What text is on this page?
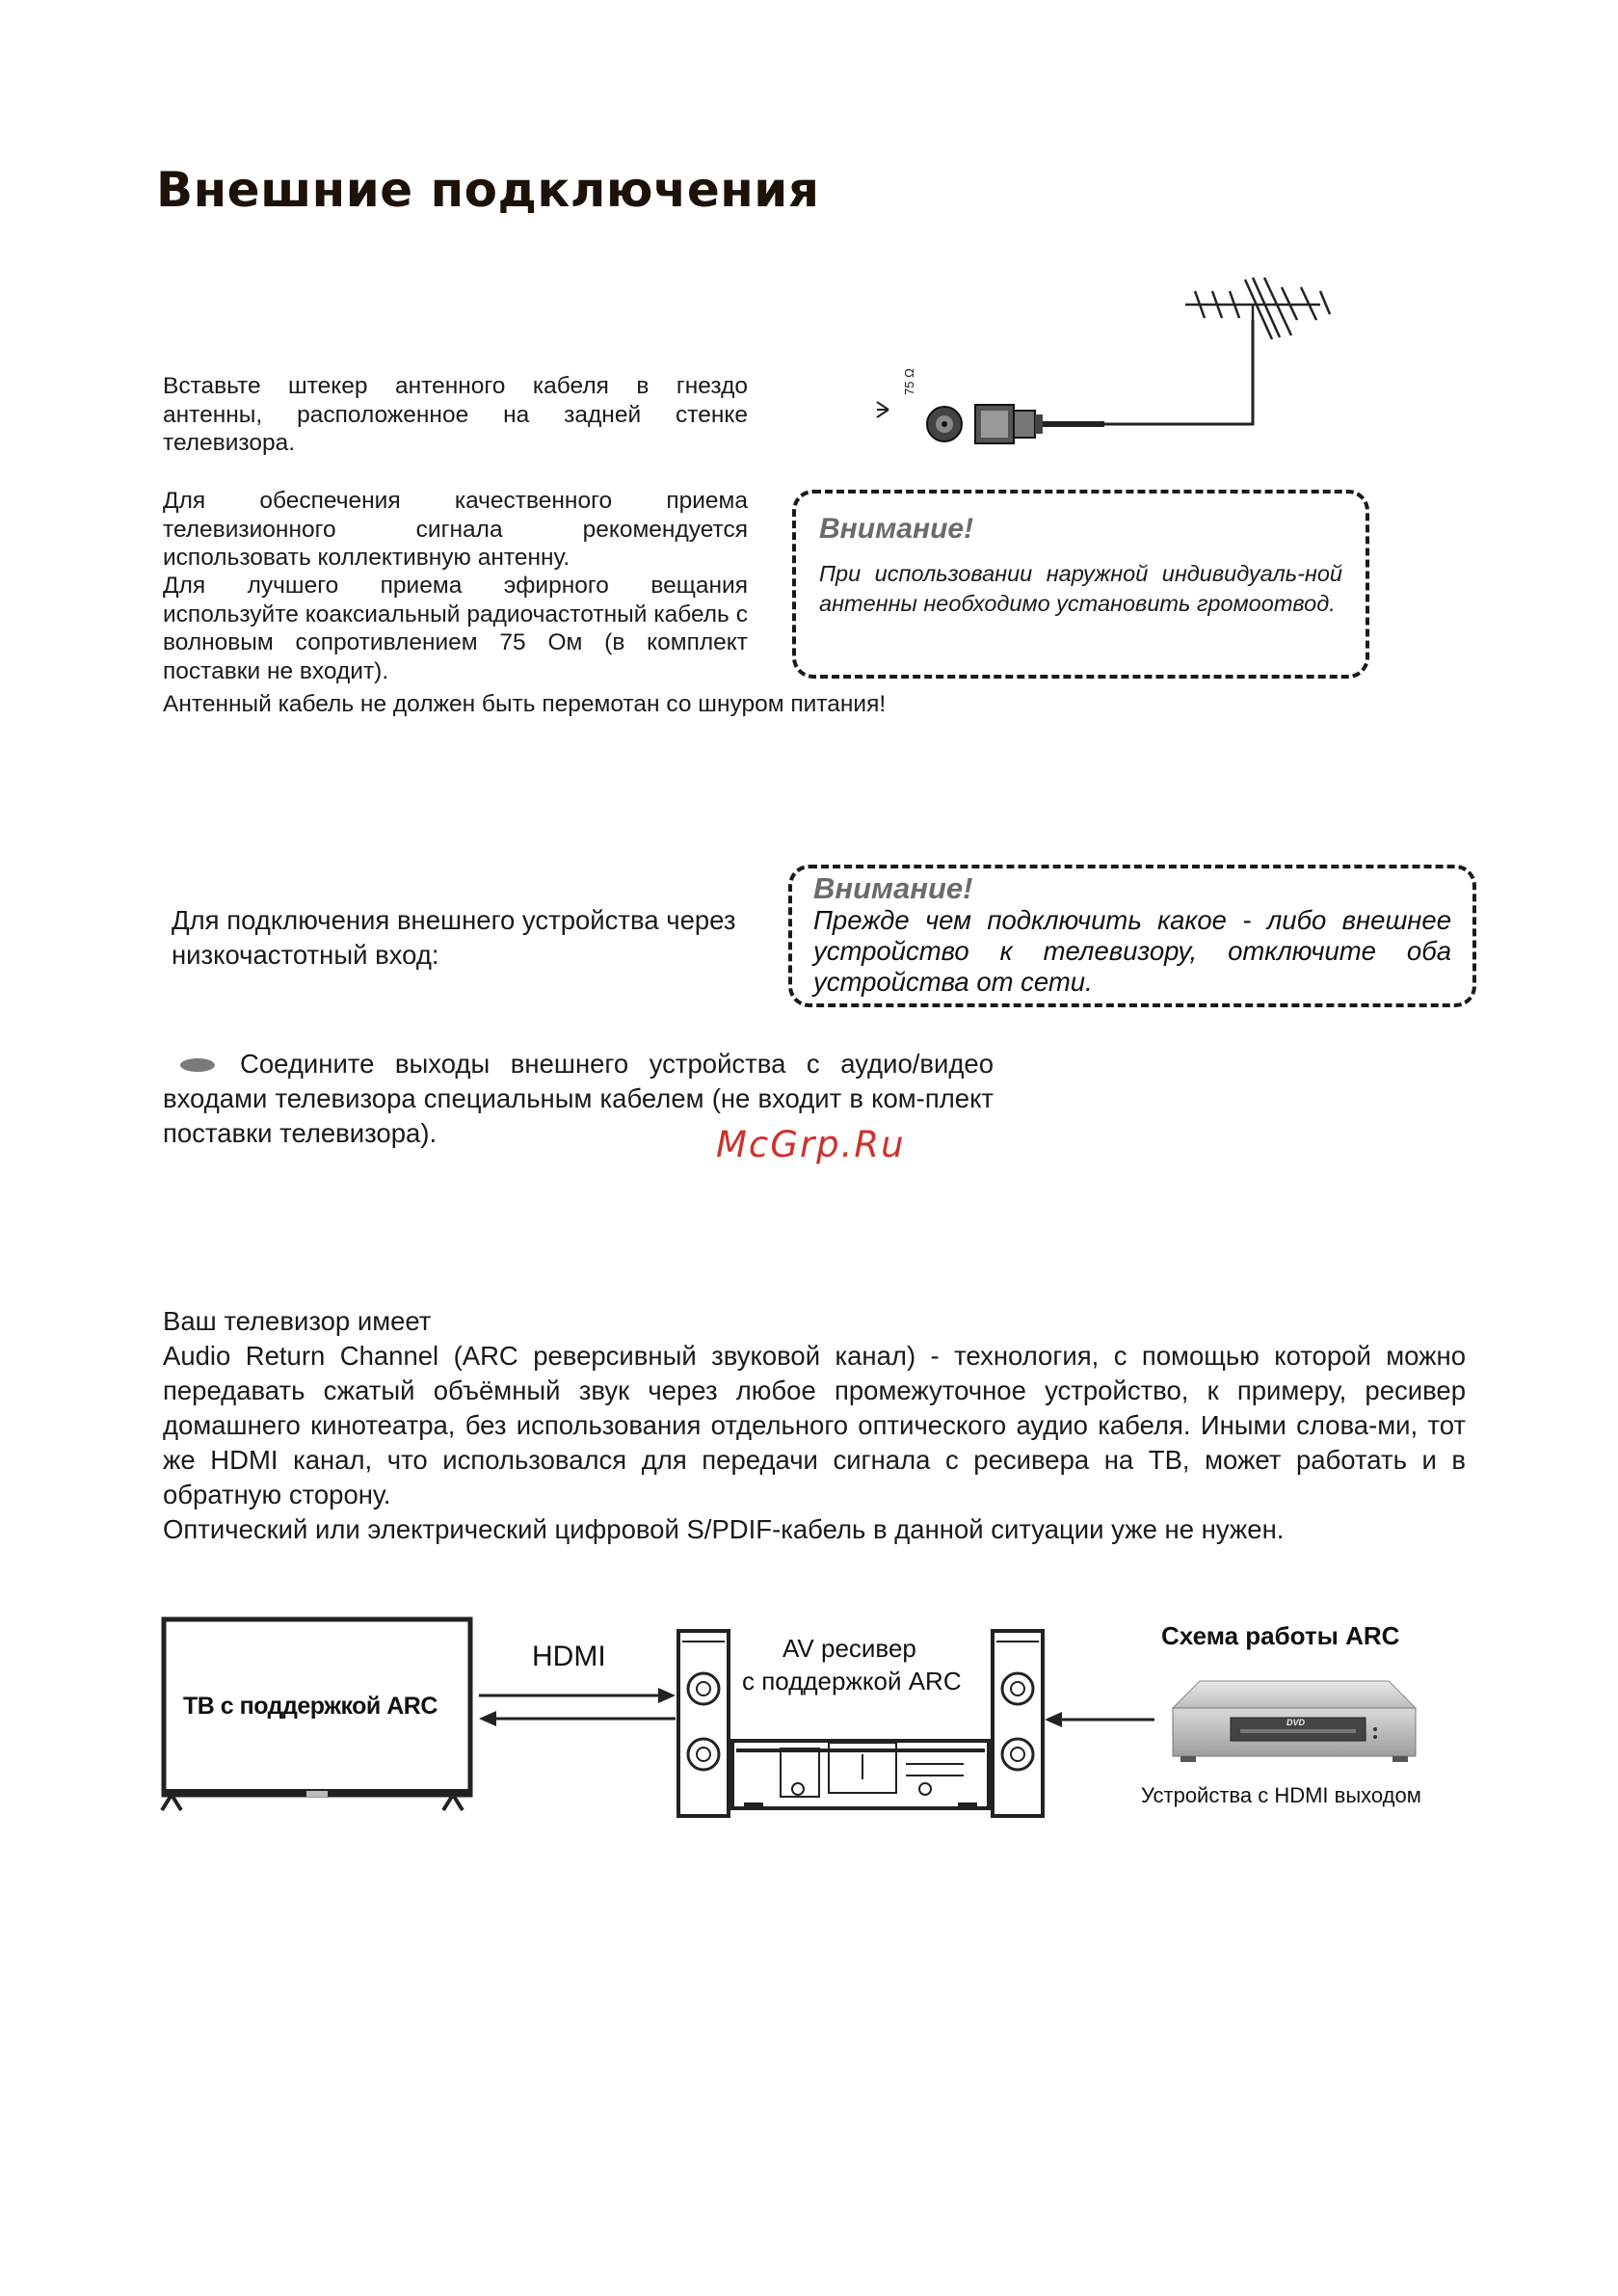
Внешние подключения

Вставьте штекер антенного кабеля в гнездо антенны, расположенное на задней стенке телевизора.

Для обеспечения качественного приема телевизионного сигнала рекомендуется использовать коллективную антенну.

Для лучшего приема эфирного вещания используйте коаксиальный радиочастотный кабель с волновым сопротивлением 75 Ом (в комплект поставки не входит).

Антенный кабель не должен быть перемотан со шнуром питания!

75 Ω

Внимание!

При использовании наружной индивидуаль-ной антенны необходимо установить громоотвод.

Для подключения внешнего устройства через низкочастотный вход:

Внимание!

Прежде чем подключить какое - либо внешнее устройство к телевизору, отключите оба устройства от сети.

Соедините выходы внешнего устройства с аудио/видео входами телевизора специальным кабелем (не входит в ком-плект поставки телевизора).	McGrp.Ru

Ваш телевизор имеет

Audio Return Channel (ARC реверсивный звуковой канал) - технология, с помощью которой можно передавать сжатый объёмный звук через любое промежуточное устройство, к примеру, ресивер домашнего кинотеатра, без использования отдельного оптического аудио кабеля. Иными слова-ми, тот же HDMI канал, что использовался для передачи сигнала с ресивера на ТВ, может работать и в обратную сторону.

Оптический или электрический цифровой S/PDIF-кабель в данной ситуации уже не нужен.

ТВ с поддержкой ARC
HDMI	AV ресивер
с поддержкой ARC
Схема работы ARC
DVD
Устройства с HDMI выходом
